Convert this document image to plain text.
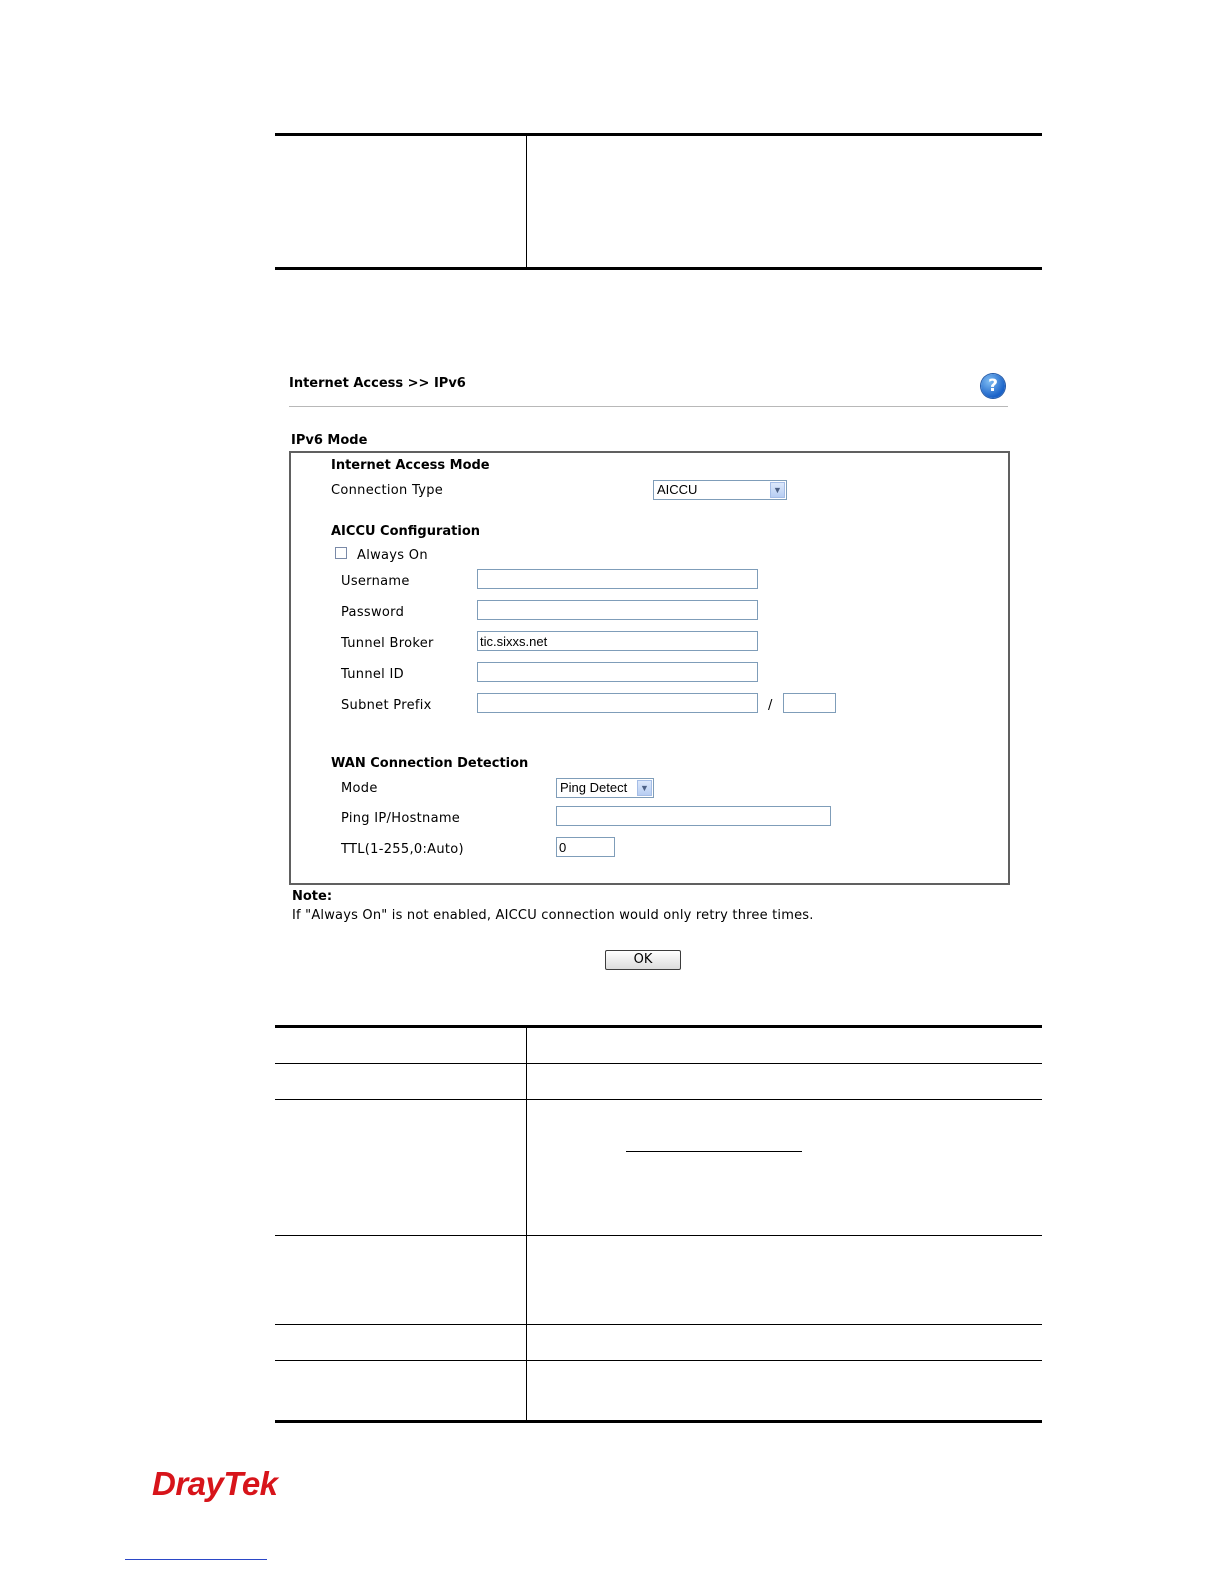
Internet Access >> IPv6	?
IPv6 Mode
Internet Access Mode
Connection Type	AICCU	▼
AICCU Configuration
Always On
Username
Password
Tunnel Broker	tic.sixxs.net
Tunnel ID
Subnet Prefix	/
WAN Connection Detection
Mode	Ping Detect	▼
Ping IP/Hostname
TTL(1-255,0:Auto)	0
Note:
If "Always On" is not enabled, AICCU connection would only retry three times.
OK
DrayTek
